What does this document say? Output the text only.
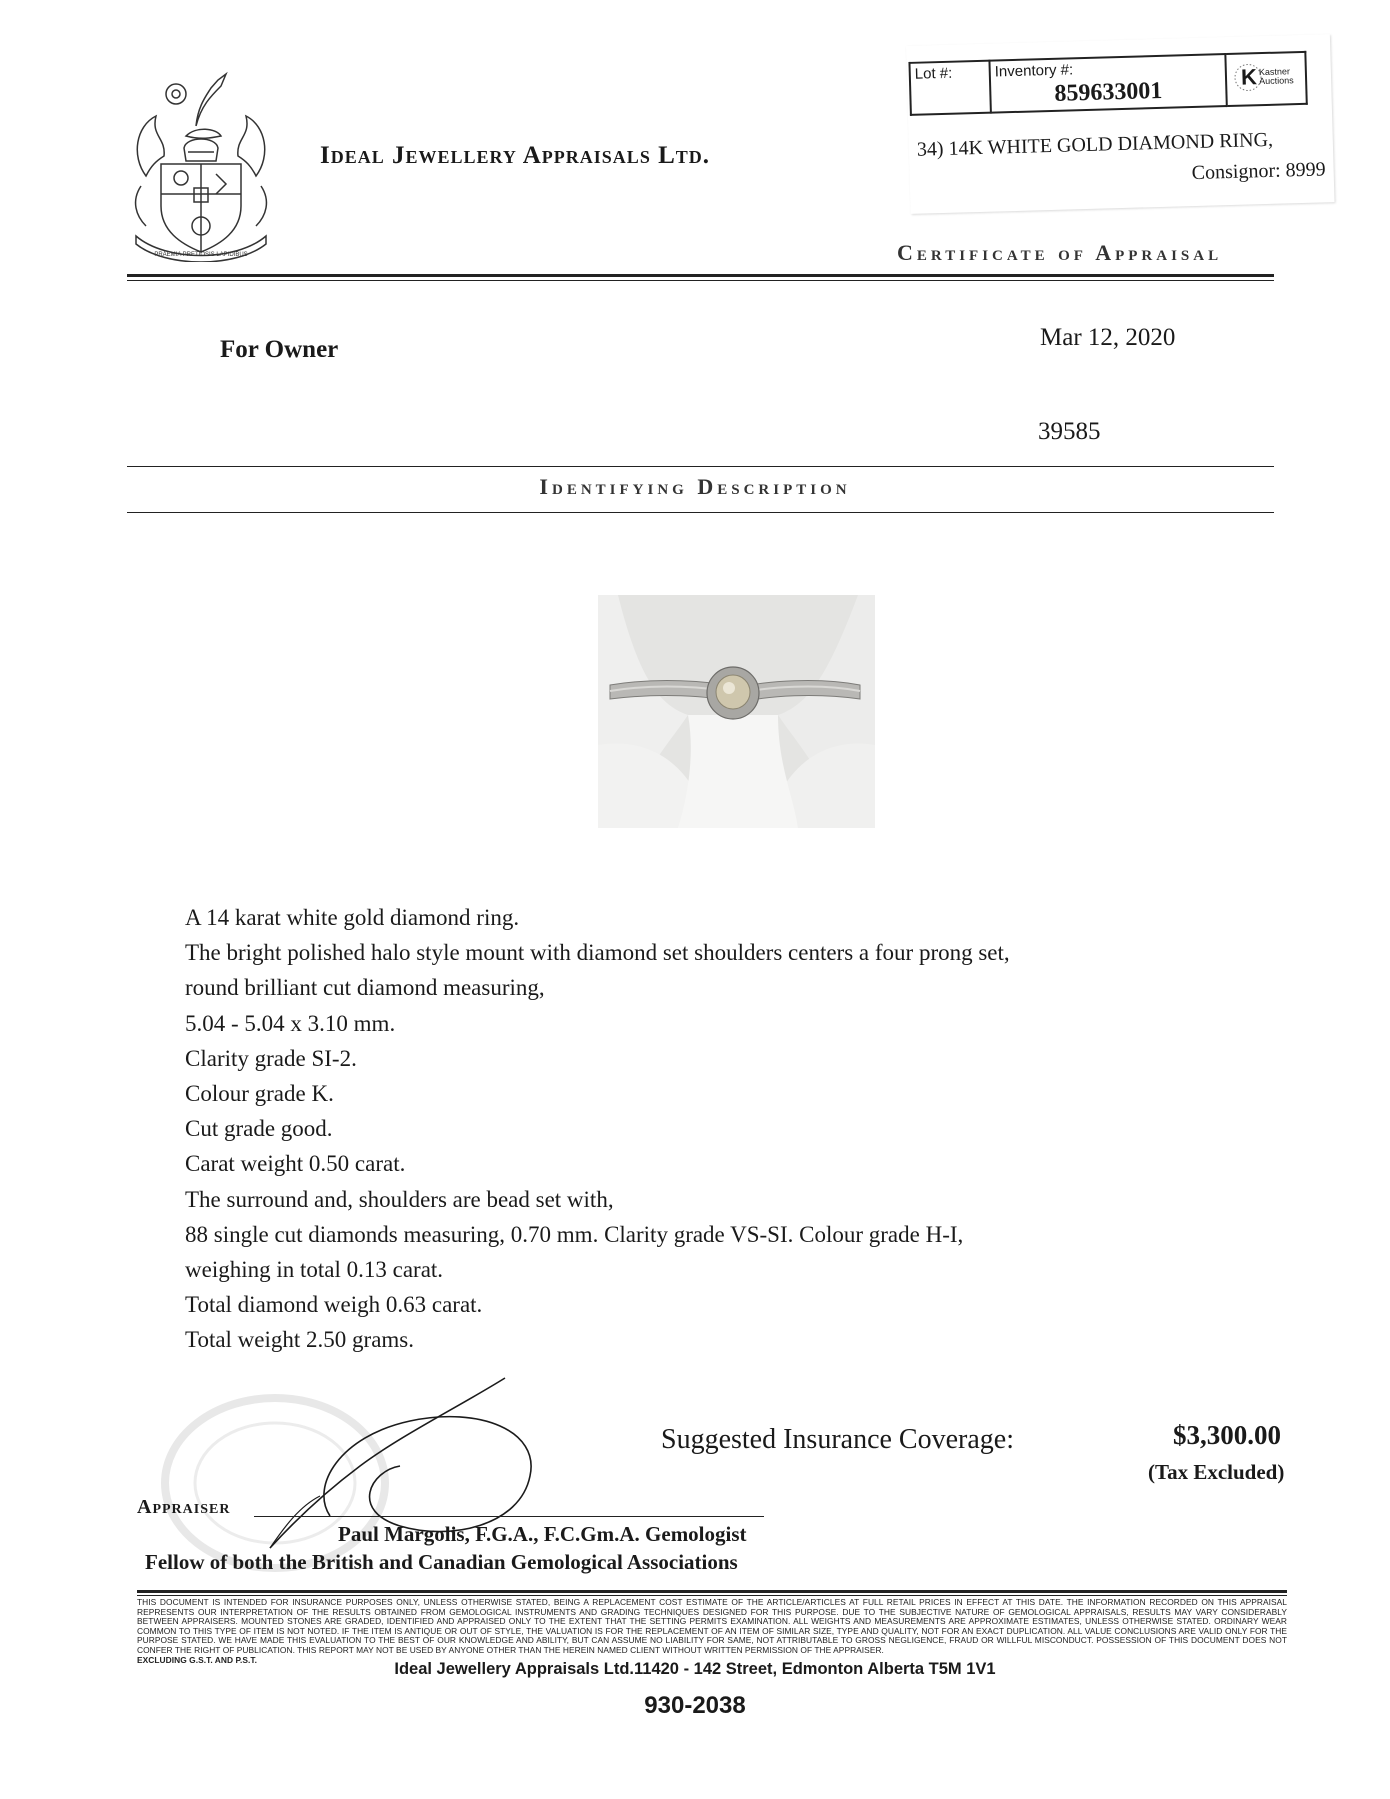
PRAEMIA PRETIOSIS LAPIDIBUS
Ideal Jewellery Appraisals Ltd.
Lot #:	Inventory #:
859633001

K Kastner
Auctions
34) 14K WHITE GOLD DIAMOND RING,
Consignor: 8999
Certificate of Appraisal
For Owner	Mar 12, 2020
39585
Identifying Description
A 14 karat white gold diamond ring.
The bright polished halo style mount with diamond set shoulders centers a four prong set,
round brilliant cut diamond measuring,
5.04 - 5.04 x 3.10 mm.
Clarity grade SI-2.
Colour grade K.
Cut grade good.
Carat weight 0.50 carat.
The surround and, shoulders are bead set with,
88 single cut diamonds measuring, 0.70 mm. Clarity grade VS-SI. Colour grade H-I,
weighing in total 0.13 carat.
Total diamond weigh 0.63 carat.
Total weight 2.50 grams.
Suggested Insurance Coverage:	$3,300.00
(Tax Excluded)
Appraiser
Paul Margolis, F.G.A., F.C.Gm.A. Gemologist
Fellow of both the British and Canadian Gemological Associations
THIS DOCUMENT IS INTENDED FOR INSURANCE PURPOSES ONLY, UNLESS OTHERWISE STATED, BEING A REPLACEMENT COST ESTIMATE OF THE ARTICLE/ARTICLES AT FULL RETAIL PRICES IN EFFECT AT THIS DATE. THE INFORMATION RECORDED ON THIS APPRAISAL REPRESENTS OUR INTERPRETATION OF THE RESULTS OBTAINED FROM GEMOLOGICAL INSTRUMENTS AND GRADING TECHNIQUES DESIGNED FOR THIS PURPOSE. DUE TO THE SUBJECTIVE NATURE OF GEMOLOGICAL APPRAISALS, RESULTS MAY VARY CONSIDERABLY BETWEEN APPRAISERS. MOUNTED STONES ARE GRADED, IDENTIFIED AND APPRAISED ONLY TO THE EXTENT THAT THE SETTING PERMITS EXAMINATION. ALL WEIGHTS AND MEASUREMENTS ARE APPROXIMATE ESTIMATES, UNLESS OTHERWISE STATED. ORDINARY WEAR COMMON TO THIS TYPE OF ITEM IS NOT NOTED. IF THE ITEM IS ANTIQUE OR OUT OF STYLE, THE VALUATION IS FOR THE REPLACEMENT OF AN ITEM OF SIMILAR SIZE, TYPE AND QUALITY, NOT FOR AN EXACT DUPLICATION. ALL VALUE CONCLUSIONS ARE VALID ONLY FOR THE PURPOSE STATED. WE HAVE MADE THIS EVALUATION TO THE BEST OF OUR KNOWLEDGE AND ABILITY, BUT CAN ASSUME NO LIABILITY FOR SAME, NOT ATTRIBUTABLE TO GROSS NEGLIGENCE, FRAUD OR WILLFUL MISCONDUCT. POSSESSION OF THIS DOCUMENT DOES NOT CONFER THE RIGHT OF PUBLICATION. THIS REPORT MAY NOT BE USED BY ANYONE OTHER THAN THE HEREIN NAMED CLIENT WITHOUT WRITTEN PERMISSION OF THE APPRAISER.
EXCLUDING G.S.T. AND P.S.T.
Ideal Jewellery Appraisals Ltd.11420 - 142 Street, Edmonton Alberta T5M 1V1
930-2038
